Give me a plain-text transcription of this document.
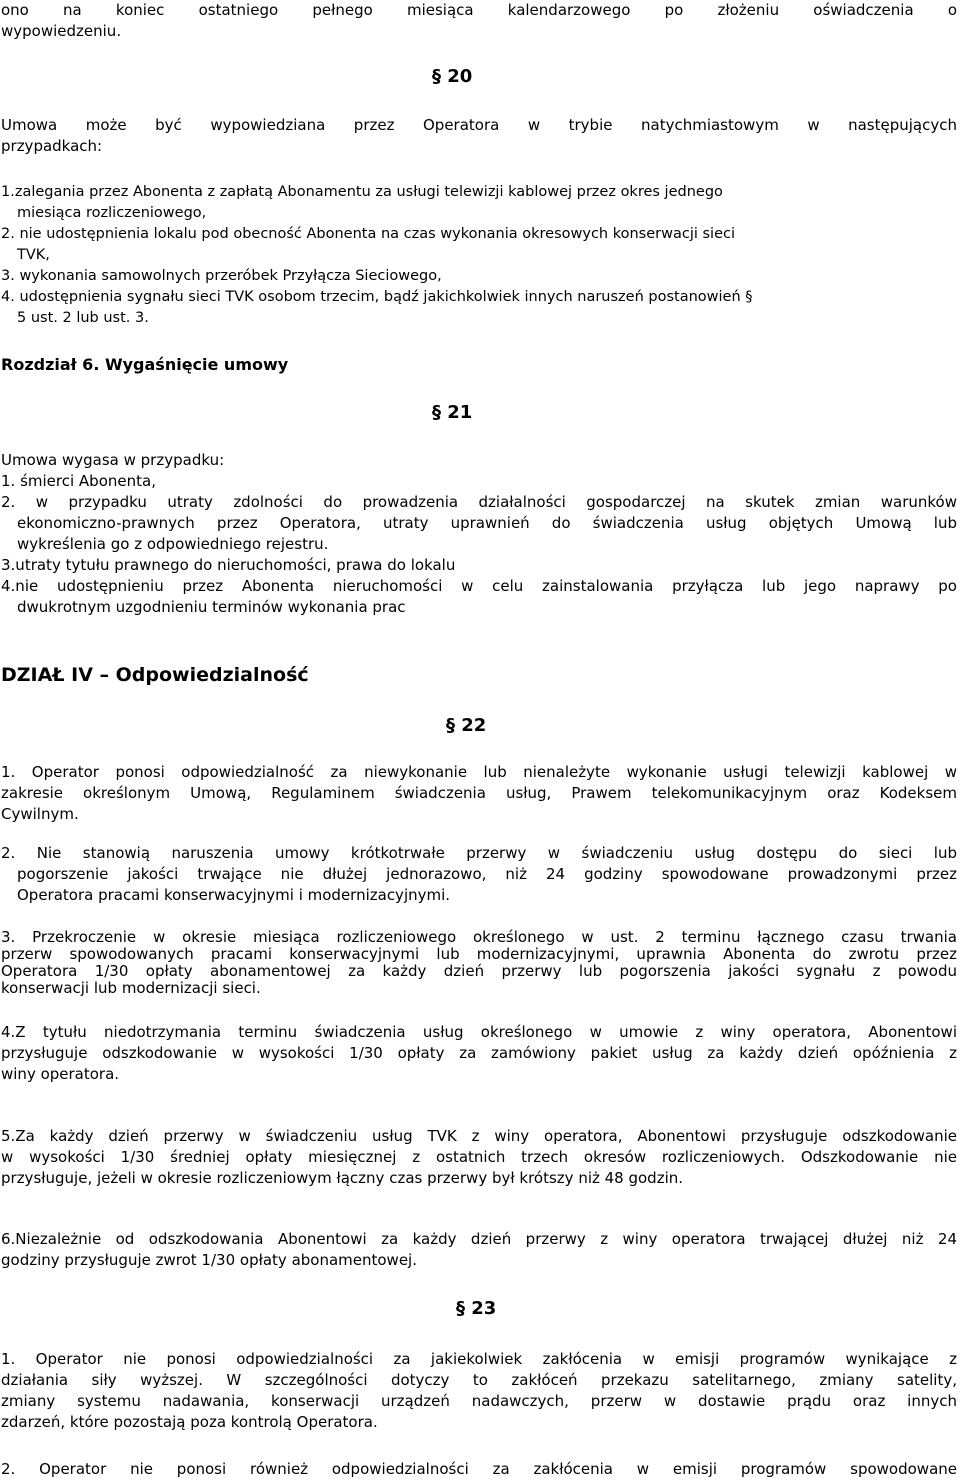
ono na koniec ostatniego pełnego miesiąca kalendarzowego po złożeniu oświadczenia o
wypowiedzeniu.
§ 20
Umowa może być wypowiedziana przez Operatora w trybie natychmiastowym w następujących
przypadkach:
1.zalegania przez Abonenta z zapłatą Abonamentu za usługi telewizji kablowej przez okres jednego
miesiąca rozliczeniowego,
2. nie udostępnienia lokalu pod obecność Abonenta na czas wykonania okresowych konserwacji sieci
TVK,
3. wykonania samowolnych przeróbek Przyłącza Sieciowego,
4. udostępnienia sygnału sieci TVK osobom trzecim, bądź jakichkolwiek innych naruszeń postanowień §
5 ust. 2 lub ust. 3.
Rozdział 6. Wygaśnięcie umowy
§ 21
Umowa wygasa w przypadku:
1. śmierci Abonenta,
2. w przypadku utraty zdolności do prowadzenia działalności gospodarczej na skutek zmian warunków
ekonomiczno-prawnych przez Operatora, utraty uprawnień do świadczenia usług objętych Umową lub
wykreślenia go z odpowiedniego rejestru.
3.utraty tytułu prawnego do nieruchomości, prawa do lokalu
4.nie udostępnieniu przez Abonenta nieruchomości w celu zainstalowania przyłącza lub jego naprawy po
dwukrotnym uzgodnieniu terminów wykonania prac
DZIAŁ IV – Odpowiedzialność
§ 22
1. Operator ponosi odpowiedzialność za niewykonanie lub nienależyte wykonanie usługi telewizji kablowej w
zakresie określonym Umową, Regulaminem świadczenia usług, Prawem telekomunikacyjnym oraz Kodeksem
Cywilnym.
2. Nie stanowią naruszenia umowy krótkotrwałe przerwy w świadczeniu usług dostępu do sieci lub
pogorszenie jakości trwające nie dłużej jednorazowo, niż 24 godziny spowodowane prowadzonymi przez
Operatora pracami konserwacyjnymi i modernizacyjnymi.
3. Przekroczenie w okresie miesiąca rozliczeniowego określonego w ust. 2 terminu łącznego czasu trwania
przerw spowodowanych pracami konserwacyjnymi lub modernizacyjnymi, uprawnia Abonenta do zwrotu przez
Operatora 1/30 opłaty abonamentowej za każdy dzień przerwy lub pogorszenia jakości sygnału z powodu
konserwacji lub modernizacji sieci.
4.Z tytułu niedotrzymania terminu świadczenia usług określonego w umowie z winy operatora, Abonentowi
przysługuje odszkodowanie w wysokości 1/30 opłaty za zamówiony pakiet usług za każdy dzień opóźnienia z
winy operatora.
5.Za każdy dzień przerwy w świadczeniu usług TVK z winy operatora, Abonentowi przysługuje odszkodowanie
w wysokości 1/30 średniej opłaty miesięcznej z ostatnich trzech okresów rozliczeniowych. Odszkodowanie nie
przysługuje, jeżeli w okresie rozliczeniowym łączny czas przerwy był krótszy niż 48 godzin.
6.Niezależnie od odszkodowania Abonentowi za każdy dzień przerwy z winy operatora trwającej dłużej niż 24
godziny przysługuje zwrot 1/30 opłaty abonamentowej.
§ 23
1. Operator nie ponosi odpowiedzialności za jakiekolwiek zakłócenia w emisji programów wynikające z
działania siły wyższej. W szczególności dotyczy to zakłóceń przekazu satelitarnego, zmiany satelity,
zmiany systemu nadawania, konserwacji urządzeń nadawczych, przerw w dostawie prądu oraz innych
zdarzeń, które pozostają poza kontrolą Operatora.
2. Operator nie ponosi również odpowiedzialności za zakłócenia w emisji programów spowodowane
